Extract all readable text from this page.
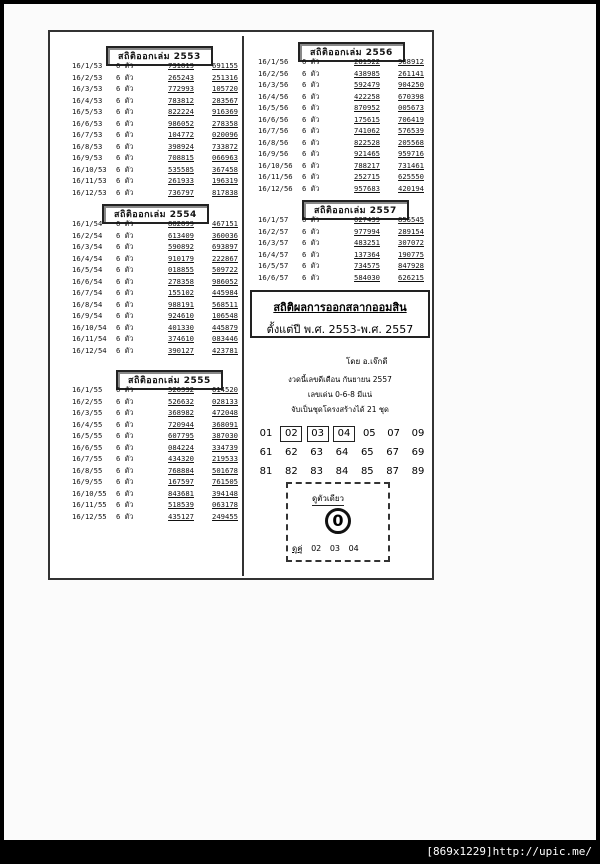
สถิติออกเล่ม 2553
16/1/53 6 ตัว	731819	691155
16/2/53 6 ตัว	265243	251316
16/3/53 6 ตัว	772993	105720
16/4/53 6 ตัว	783812	283567
16/5/53 6 ตัว	822224	916369
16/6/53 6 ตัว	986052	278358
16/7/53 6 ตัว	104772	020096
16/8/53 6 ตัว	398924	733872
16/9/53 6 ตัว	708815	066963
16/10/53 6 ตัว	535585	367458
16/11/53 6 ตัว	261933	196319
16/12/53 6 ตัว	736797	817838
สถิติออกเล่ม 2554
16/1/54 6 ตัว	882899	467151
16/2/54 6 ตัว	613409	360036
16/3/54 6 ตัว	590892	693897
16/4/54 6 ตัว	910179	222867
16/5/54 6 ตัว	018855	509722
16/6/54 6 ตัว	278358	986052
16/7/54 6 ตัว	155102	445984
16/8/54 6 ตัว	988191	568511
16/9/54 6 ตัว	924610	106548
16/10/54 6 ตัว	401330	445879
16/11/54 6 ตัว	374610	083446
16/12/54 6 ตัว	390127	423781
สถิติออกเล่ม 2555
16/1/55 6 ตัว	526332	614520
16/2/55 6 ตัว	526632	028133
16/3/55 6 ตัว	368982	472048
16/4/55 6 ตัว	720944	368091
16/5/55 6 ตัว	607795	387030
16/6/55 6 ตัว	084224	334739
16/7/55 6 ตัว	434320	219533
16/8/55 6 ตัว	768884	501678
16/9/55 6 ตัว	167597	761505
16/10/55 6 ตัว	843681	394148
16/11/55 6 ตัว	518539	063178
16/12/55 6 ตัว	435127	249455
สถิติออกเล่ม 2556
16/1/56 6 ตัว	281522	988912
16/2/56 6 ตัว	438985	261141
16/3/56 6 ตัว	592479	904250
16/4/56 6 ตัว	422258	670398
16/5/56 6 ตัว	870952	005673
16/6/56 6 ตัว	175615	706419
16/7/56 6 ตัว	741062	576539
16/8/56 6 ตัว	822528	205568
16/9/56 6 ตัว	921465	959716
16/10/56 6 ตัว	788217	731461
16/11/56 6 ตัว	252715	625550
16/12/56 6 ตัว	957683	420194
สถิติออกเล่ม 2557
16/1/57 6 ตัว	027439	856545
16/2/57 6 ตัว	977994	289154
16/3/57 6 ตัว	483251	307072
16/4/57 6 ตัว	137364	190775
16/5/57 6 ตัว	734575	847928
16/6/57 6 ตัว	584030	626215
สถิติผลการออกสลากออมสิน
ตั้งแต่ปี พ.ศ. 2553-พ.ศ. 2557
โดย อ.เจ๊กดี
งวดนี้เลขดีเดือน กันยายน 2557
เลขเด่น 0-6-8 มีแน่
จับเป็นชุดโครงสร้างได้ 21 ชุด
01	02	03	04	05	07	09
61	62	63	64	65	67	69
81	82	83	84	85	87	89
ดูตัวเดียว
0
ดูคู่ 02 03 04
[869x1229]http://upic.me/
